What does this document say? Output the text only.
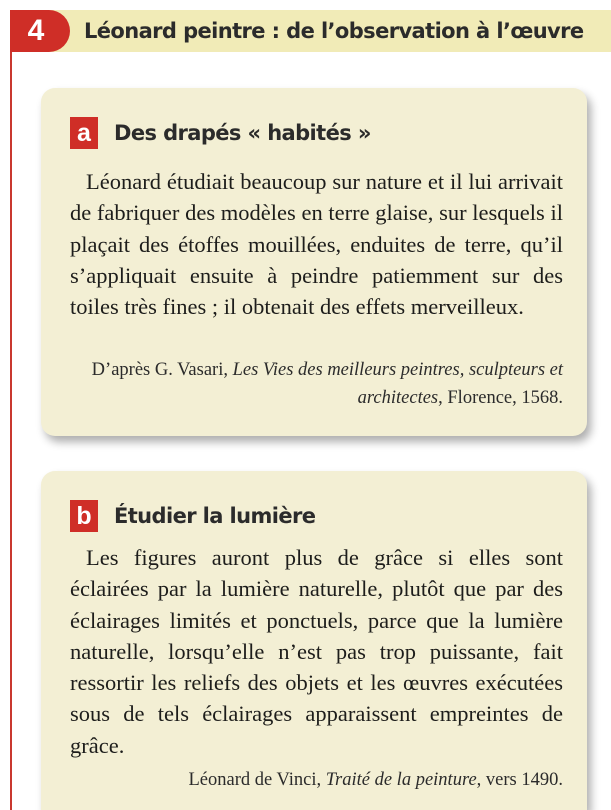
4	Léonard peintre : de l’observation à l’œuvre
a	Des drapés « habités »
Léonard étudiait beaucoup sur nature et il lui arrivait de fabriquer des modèles en terre glaise, sur lesquels il plaçait des étoffes mouillées, enduites de terre, qu’il s’appliquait ensuite à peindre patiemment sur des toiles très fines ; il obtenait des effets merveilleux.
D’après G. Vasari, Les Vies des meilleurs peintres, sculpteurs et architectes, Florence, 1568.
b	Étudier la lumière
Les figures auront plus de grâce si elles sont éclairées par la lumière naturelle, plutôt que par des éclairages limités et ponctuels, parce que la lumière naturelle, lorsqu’elle n’est pas trop puissante, fait ressortir les reliefs des objets et les œuvres exécutées sous de tels éclairages apparaissent empreintes de grâce.
Léonard de Vinci, Traité de la peinture, vers 1490.
